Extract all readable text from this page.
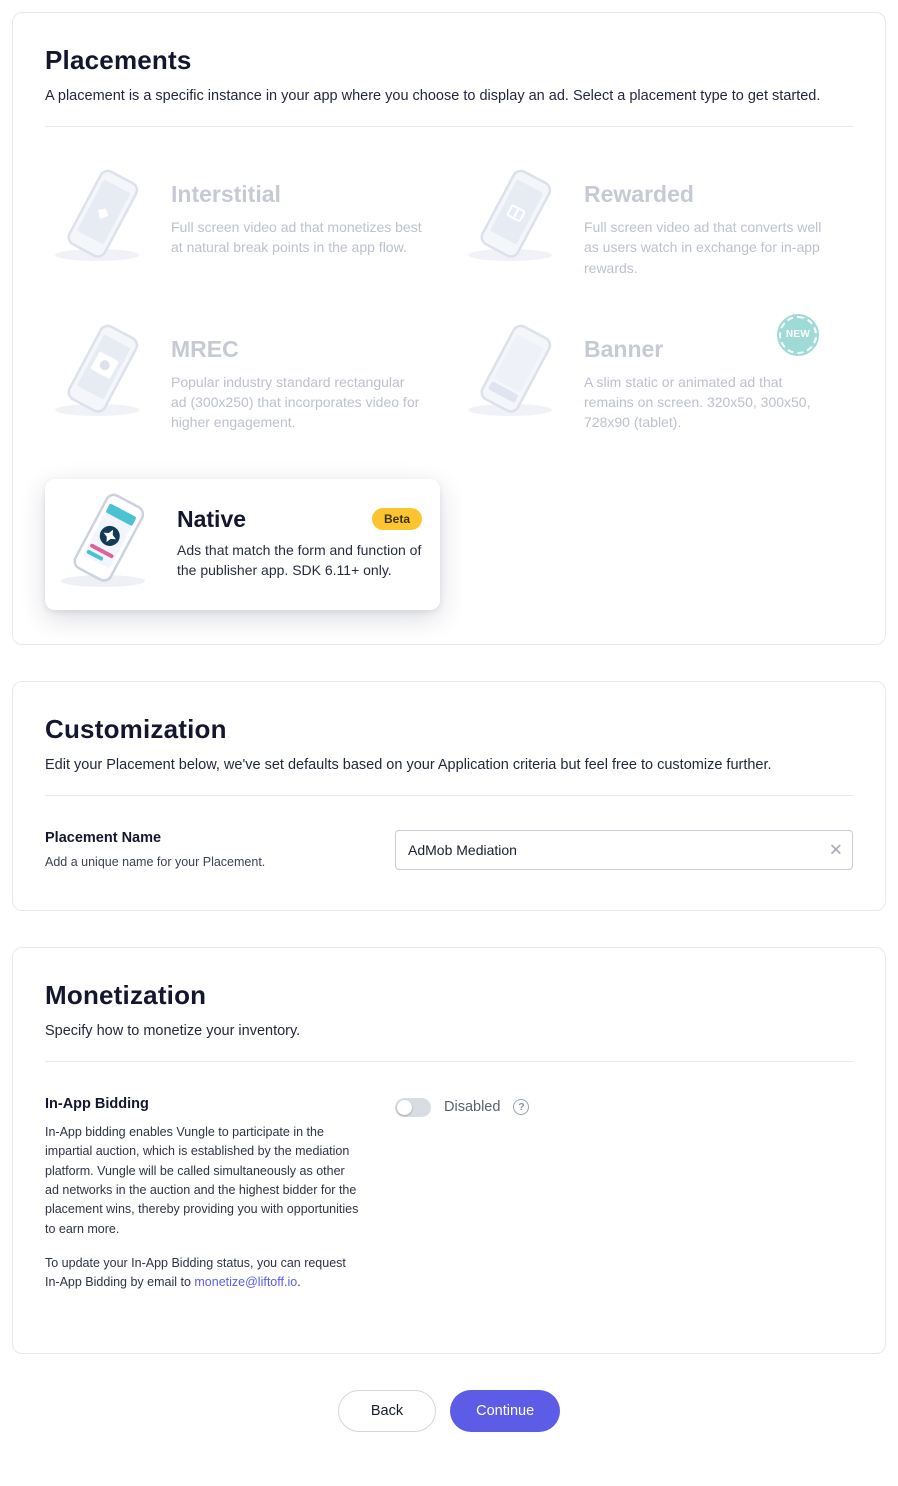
Placements

A placement is a specific instance in your app where you choose to display an ad. Select a placement type to get started.

Interstitial
Full screen video ad that monetizes best at natural break points in the app flow.
Rewarded
Full screen video ad that converts well as users watch in exchange for in-app rewards.
MREC
Popular industry standard rectangular ad (300x250) that incorporates video for higher engagement.
Banner
A slim static or animated ad that remains on screen. 320x50, 300x50, 728x90 (tablet).
NEW
Native	Beta
Ads that match the form and function of the publisher app. SDK 6.11+ only.
Customization

Edit your Placement below, we've set defaults based on your Application criteria but feel free to customize further.

Placement Name
Add a unique name for your Placement.
AdMob Mediation
✕
Monetization

Specify how to monetize your inventory.

In-App Bidding

In-App bidding enables Vungle to participate in the impartial auction, which is established by the mediation platform. Vungle will be called simultaneously as other ad networks in the auction and the highest bidder for the placement wins, thereby providing you with opportunities to earn more.

To update your In-App Bidding status, you can request In-App Bidding by email to monetize@liftoff.io.

Disabled	?
Back	Continue
